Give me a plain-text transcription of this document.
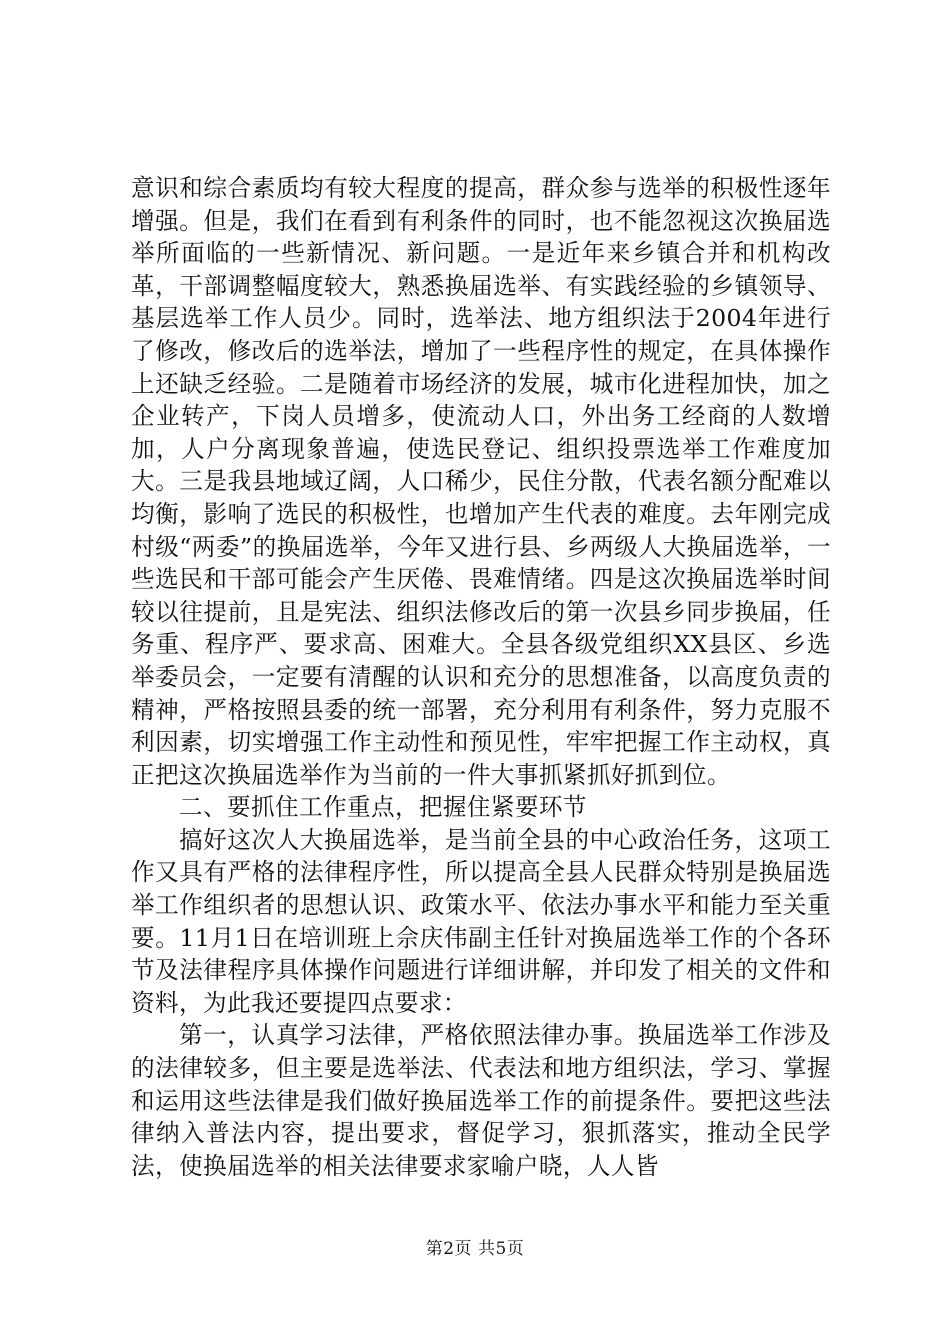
意识和综合素质均有较大程度的提高，群众参与选举的积极性逐年增强。但是，我们在看到有利条件的同时，也不能忽视这次换届选举所面临的一些新情况、新问题。一是近年来乡镇合并和机构改革，干部调整幅度较大，熟悉换届选举、有实践经验的乡镇领导、基层选举工作人员少。同时，选举法、地方组织法于2004年进行了修改，修改后的选举法，增加了一些程序性的规定，在具体操作上还缺乏经验。二是随着市场经济的发展，城市化进程加快，加之企业转产，下岗人员增多，使流动人口，外出务工经商的人数增加，人户分离现象普遍，使选民登记、组织投票选举工作难度加大。三是我县地域辽阔，人口稀少，民住分散，代表名额分配难以均衡，影响了选民的积极性，也增加产生代表的难度。去年刚完成村级“两委”的换届选举，今年又进行县、乡两级人大换届选举，一些选民和干部可能会产生厌倦、畏难情绪。四是这次换届选举时间较以往提前，且是宪法、组织法修改后的第一次县乡同步换届，任务重、程序严、要求高、困难大。全县各级党组织XX县区、乡选举委员会，一定要有清醒的认识和充分的思想准备，以高度负责的精神，严格按照县委的统一部署，充分利用有利条件，努力克服不利因素，切实增强工作主动性和预见性，牢牢把握工作主动权，真正把这次换届选举作为当前的一件大事抓紧抓好抓到位。

二、要抓住工作重点，把握住紧要环节

搞好这次人大换届选举，是当前全县的中心政治任务，这项工作又具有严格的法律程序性，所以提高全县人民群众特别是换届选举工作组织者的思想认识、政策水平、依法办事水平和能力至关重要。11月1日在培训班上佘庆伟副主任针对换届选举工作的个各环节及法律程序具体操作问题进行详细讲解，并印发了相关的文件和资料，为此我还要提四点要求：

第一，认真学习法律，严格依照法律办事。换届选举工作涉及的法律较多，但主要是选举法、代表法和地方组织法，学习、掌握和运用这些法律是我们做好换届选举工作的前提条件。要把这些法律纳入普法内容，提出要求，督促学习，狠抓落实，推动全民学法，使换届选举的相关法律要求家喻户晓，人人皆

第2页 共5页
